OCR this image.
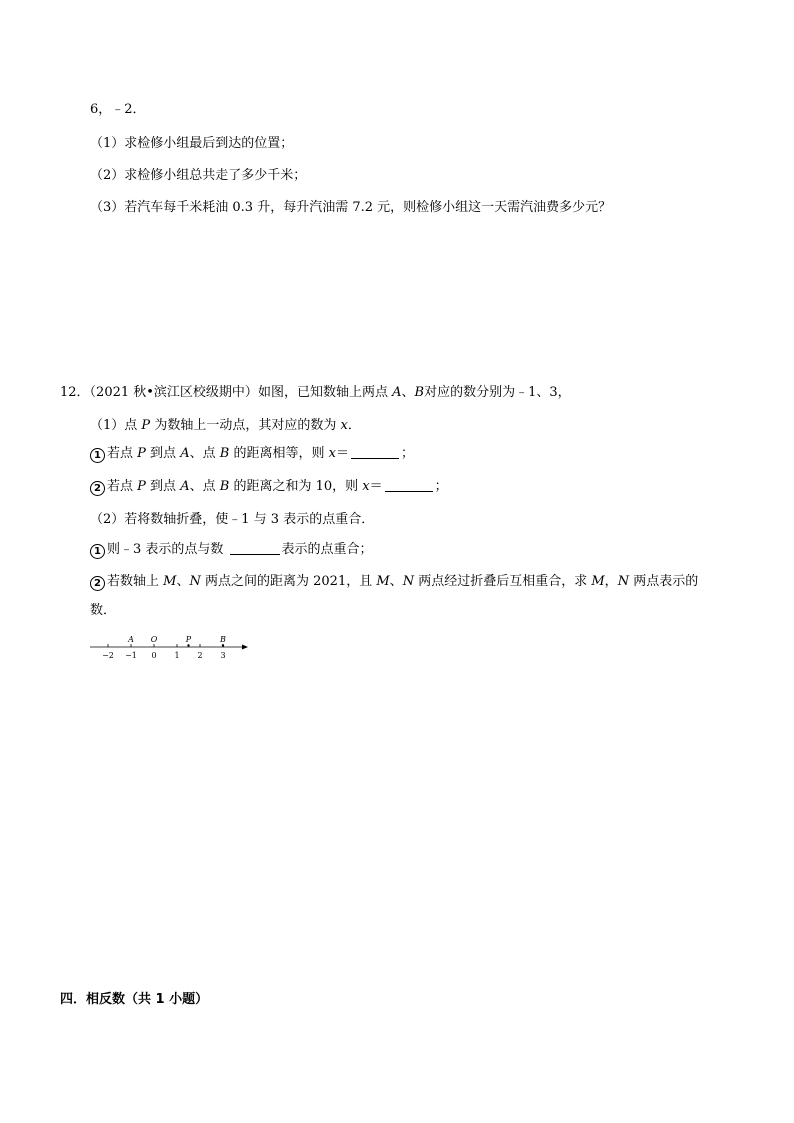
6，﹣2．
（1）求检修小组最后到达的位置；
（2）求检修小组总共走了多少千米；
（3）若汽车每千米耗油 0.3 升，每升汽油需 7.2 元，则检修小组这一天需汽油费多少元？
12．（2021 秋•滨江区校级期中）如图，已知数轴上两点 A、B对应的数分别为﹣1、3，
（1）点 P 为数轴上一动点，其对应的数为 x．
1 若点 P 到点 A、点 B 的距离相等，则 x＝	；
2 若点 P 到点 A、点 B 的距离之和为 10，则 x＝	；
（2）若将数轴折叠，使﹣1 与 3 表示的点重合．
1 则﹣3 表示的点与数	表示的点重合；
2 若数轴上 M、N 两点之间的距离为 2021，且 M、N 两点经过折叠后互相重合，求 M，N 两点表示的
数．
−2 −1 0 1 2 3
A O	P	B
四．相反数（共 1 小题）
